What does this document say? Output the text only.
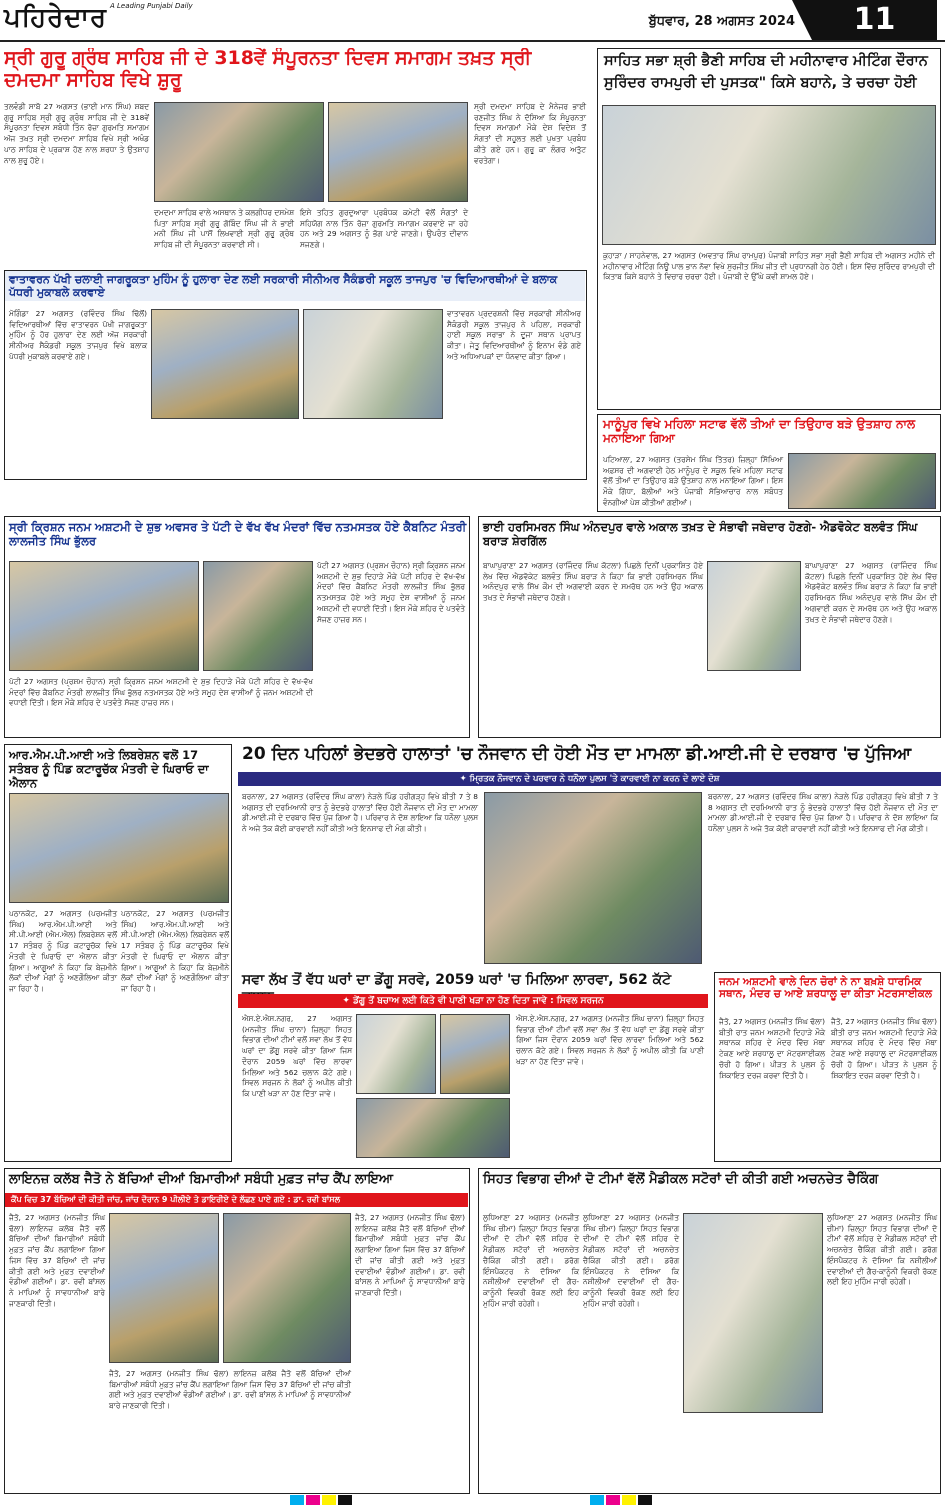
ਪਹਿਰੇਦਾਰ A Leading Punjabi Daily
ਬੁੱਧਵਾਰ, 28 ਅਗਸਤ 2024	11
ਸ੍ਰੀ ਗੁਰੂ ਗ੍ਰੰਥ ਸਾਹਿਬ ਜੀ ਦੇ 318ਵੇਂ ਸੰਪੂਰਨਤਾ ਦਿਵਸ ਸਮਾਗਮ ਤਖ਼ਤ ਸ੍ਰੀ ਦਮਦਮਾ ਸਾਹਿਬ ਵਿਖੇ ਸ਼ੁਰੂ
ਤਲਵੰਡੀ ਸਾਬੋ 27 ਅਗਸਤ (ਭਾਈ ਮਾਨ ਸਿੰਘ) ਸ਼ਬਦ ਗੁਰੂ ਸਾਹਿਬ ਸ੍ਰੀ ਗੁਰੂ ਗ੍ਰੰਥ ਸਾਹਿਬ ਜੀ ਦੇ 318ਵੇਂ ਸੰਪੂਰਨਤਾ ਦਿਵਸ ਸਬੰਧੀ ਤਿੰਨ ਰੋਜ਼ਾ ਗੁਰਮਤਿ ਸਮਾਗਮ ਅੱਜ ਤਖ਼ਤ ਸ੍ਰੀ ਦਮਦਮਾ ਸਾਹਿਬ ਵਿਖੇ ਸ੍ਰੀ ਅਖੰਡ ਪਾਠ ਸਾਹਿਬ ਦੇ ਪ੍ਰਕਾਸ਼ ਹੋਣ ਨਾਲ ਸ਼ਰਧਾ ਤੇ ਉਤਸ਼ਾਹ ਨਾਲ ਸ਼ੁਰੂ ਹੋਏ।
ਦਮਦਮਾ ਸਾਹਿਬ ਵਾਲੇ ਅਸਥਾਨ ਤੇ ਕਲਗੀਧਰ ਦਸਮੇਸ਼ ਪਿਤਾ ਸਾਹਿਬ ਸ੍ਰੀ ਗੁਰੂ ਗੋਬਿੰਦ ਸਿੰਘ ਜੀ ਨੇ ਭਾਈ ਮਨੀ ਸਿੰਘ ਜੀ ਪਾਸੋਂ ਲਿਖਵਾਈ ਸ੍ਰੀ ਗੁਰੂ ਗ੍ਰੰਥ ਸਾਹਿਬ ਜੀ ਦੀ ਸੰਪੂਰਨਤਾ ਕਰਵਾਈ ਸੀ।
ਇਸੇ ਤਹਿਤ ਗੁਰਦੁਆਰਾ ਪ੍ਰਬੰਧਕ ਕਮੇਟੀ ਵੱਲੋਂ ਸੰਗਤਾਂ ਦੇ ਸਹਿਯੋਗ ਨਾਲ ਤਿੰਨ ਰੋਜ਼ਾ ਗੁਰਮਤਿ ਸਮਾਗਮ ਕਰਵਾਏ ਜਾ ਰਹੇ ਹਨ ਅਤੇ 29 ਅਗਸਤ ਨੂੰ ਭੋਗ ਪਾਏ ਜਾਣਗੇ। ਉਪਰੰਤ ਦੀਵਾਨ ਸਜਣਗੇ।
ਸ੍ਰੀ ਦਮਦਮਾ ਸਾਹਿਬ ਦੇ ਮੈਨੇਜਰ ਭਾਈ ਰਣਜੀਤ ਸਿੰਘ ਨੇ ਦੱਸਿਆ ਕਿ ਸੰਪੂਰਨਤਾ ਦਿਵਸ ਸਮਾਗਮਾਂ ਮੌਕੇ ਦੇਸ਼ ਵਿਦੇਸ਼ ਤੋਂ ਸੰਗਤਾਂ ਦੀ ਸਹੂਲਤ ਲਈ ਪੁਖਤਾ ਪ੍ਰਬੰਧ ਕੀਤੇ ਗਏ ਹਨ। ਗੁਰੂ ਕਾ ਲੰਗਰ ਅਤੁੱਟ ਵਰਤੇਗਾ।
ਸਾਹਿਤ ਸਭਾ ਸ਼੍ਰੀ ਭੈਣੀ ਸਾਹਿਬ ਦੀ ਮਹੀਨਾਵਾਰ ਮੀਟਿੰਗ ਦੌਰਾਨ
ਸੁਰਿੰਦਰ ਰਾਮਪੁਰੀ ਦੀ ਪੁਸਤਕ" ਕਿਸੇ ਬਹਾਨੇ, ਤੇ ਚਰਚਾ ਹੋਈ
ਕੁਹਾੜਾ / ਸਾਹਨੇਵਾਲ, 27 ਅਗਸਤ (ਅਵਤਾਰ ਸਿੰਘ ਰਾਮਪੁਰ) ਪੰਜਾਬੀ ਸਾਹਿਤ ਸਭਾ ਸ੍ਰੀ ਭੈਣੀ ਸਾਹਿਬ ਦੀ ਅਗਸਤ ਮਹੀਨੇ ਦੀ ਮਹੀਨਾਵਾਰ ਮੀਟਿੰਗ ਨਿਊ ਪਾਲ ਭਾਨ ਨੋਵਾ ਵਿਖੇ ਸੁਰਜੀਤ ਸਿੰਘ ਜੀਤ ਦੀ ਪ੍ਰਧਾਨਗੀ ਹੇਠ ਹੋਈ। ਇਸ ਵਿੱਚ ਸੁਰਿੰਦਰ ਰਾਮਪੁਰੀ ਦੀ ਕਿਤਾਬ ਕਿਸੇ ਬਹਾਨੇ ਤੇ ਵਿਚਾਰ ਚਰਚਾ ਹੋਈ। ਪੰਜਾਬੀ ਦੇ ਉੱਘੇ ਕਵੀ ਸ਼ਾਮਲ ਹੋਏ।
ਵਾਤਾਵਰਨ ਪੱਖੀ ਚਲਾਈ ਜਾਗਰੂਕਤਾ ਮੁਹਿੰਮ ਨੂੰ ਹੁਲਾਰਾ ਦੇਣ ਲਈ ਸਰਕਾਰੀ ਸੀਨੀਅਰ ਸੈਕੰਡਰੀ ਸਕੂਲ ਤਾਜਪੁਰ 'ਚ ਵਿਦਿਆਰਥੀਆਂ ਦੇ ਬਲਾਕ ਪੱਧਰੀ ਮੁਕਾਬਲੇ ਕਰਵਾਏ
ਮੋਗਿੰਡਾ 27 ਅਗਸਤ (ਰਵਿੰਦਰ ਸਿੰਘ ਢਿੱਲੋਂ) ਵਿਦਿਆਰਥੀਆਂ ਵਿੱਚ ਵਾਤਾਵਰਨ ਪੱਖੀ ਜਾਗਰੂਕਤਾ ਮੁਹਿੰਮ ਨੂੰ ਹੋਰ ਹੁਲਾਰਾ ਦੇਣ ਲਈ ਅੱਜ ਸਰਕਾਰੀ ਸੀਨੀਅਰ ਸੈਕੰਡਰੀ ਸਕੂਲ ਤਾਜਪੁਰ ਵਿਖੇ ਬਲਾਕ ਪੱਧਰੀ ਮੁਕਾਬਲੇ ਕਰਵਾਏ ਗਏ।
ਵਾਤਾਵਰਨ ਪ੍ਰਦਰਸ਼ਨੀ ਵਿੱਚ ਸਰਕਾਰੀ ਸੀਨੀਅਰ ਸੈਕੰਡਰੀ ਸਕੂਲ ਤਾਜਪੁਰ ਨੇ ਪਹਿਲਾ, ਸਰਕਾਰੀ ਹਾਈ ਸਕੂਲ ਸਰਾਭਾ ਨੇ ਦੂਜਾ ਸਥਾਨ ਪ੍ਰਾਪਤ ਕੀਤਾ। ਜੇਤੂ ਵਿਦਿਆਰਥੀਆਂ ਨੂੰ ਇਨਾਮ ਵੰਡੇ ਗਏ ਅਤੇ ਅਧਿਆਪਕਾਂ ਦਾ ਧੰਨਵਾਦ ਕੀਤਾ ਗਿਆ।
ਮਾਨੂੰਪੁਰ ਵਿਖੇ ਮਹਿਲਾ ਸਟਾਫ ਵੱਲੋਂ ਤੀਆਂ ਦਾ ਤਿਉਹਾਰ ਬੜੇ ਉਤਸ਼ਾਹ ਨਾਲ ਮਨਾਇਆ ਗਿਆ
ਪਟਿਆਲਾ, 27 ਅਗਸਤ (ਤਰਸੇਮ ਸਿੰਘ ਤਿੱਤਰ) ਜ਼ਿਲ੍ਹਾ ਸਿੱਖਿਆ ਅਫ਼ਸਰ ਦੀ ਅਗਵਾਈ ਹੇਠ ਮਾਨੂੰਪੁਰ ਦੇ ਸਕੂਲ ਵਿਖੇ ਮਹਿਲਾ ਸਟਾਫ ਵੱਲੋਂ ਤੀਆਂ ਦਾ ਤਿਉਹਾਰ ਬੜੇ ਉਤਸ਼ਾਹ ਨਾਲ ਮਨਾਇਆ ਗਿਆ। ਇਸ ਮੌਕੇ ਗਿੱਧਾ, ਬੋਲੀਆਂ ਅਤੇ ਪੰਜਾਬੀ ਸੱਭਿਆਚਾਰ ਨਾਲ ਸਬੰਧਤ ਵੰਨਗੀਆਂ ਪੇਸ਼ ਕੀਤੀਆਂ ਗਈਆਂ।
ਸ੍ਰੀ ਕ੍ਰਿਸ਼ਨ ਜਨਮ ਅਸ਼ਟਮੀ ਦੇ ਸ਼ੁਭ ਅਵਸਰ ਤੇ ਪੱਟੀ ਦੇ ਵੱਖ ਵੱਖ ਮੰਦਰਾਂ ਵਿੱਚ ਨਤਮਸਤਕ ਹੋਏ ਕੈਬਨਿਟ ਮੰਤਰੀ ਲਾਲਜੀਤ ਸਿੰਘ ਭੁੱਲਰ
ਪੱਟੀ 27 ਅਗਸਤ (ਪ੍ਰਸ਼ਮ ਚੌਹਾਨ) ਸ੍ਰੀ ਕ੍ਰਿਸ਼ਨ ਜਨਮ ਅਸ਼ਟਮੀ ਦੇ ਸ਼ੁਭ ਦਿਹਾੜੇ ਮੌਕੇ ਪੱਟੀ ਸ਼ਹਿਰ ਦੇ ਵੱਖ-ਵੱਖ ਮੰਦਰਾਂ ਵਿੱਚ ਕੈਬਨਿਟ ਮੰਤਰੀ ਲਾਲਜੀਤ ਸਿੰਘ ਭੁੱਲਰ ਨਤਮਸਤਕ ਹੋਏ ਅਤੇ ਸਮੂਹ ਦੇਸ਼ ਵਾਸੀਆਂ ਨੂੰ ਜਨਮ ਅਸ਼ਟਮੀ ਦੀ ਵਧਾਈ ਦਿੱਤੀ। ਇਸ ਮੌਕੇ ਸ਼ਹਿਰ ਦੇ ਪਤਵੰਤੇ ਸੱਜਣ ਹਾਜ਼ਰ ਸਨ।
ਪੱਟੀ 27 ਅਗਸਤ (ਪ੍ਰਸ਼ਮ ਚੌਹਾਨ) ਸ੍ਰੀ ਕ੍ਰਿਸ਼ਨ ਜਨਮ ਅਸ਼ਟਮੀ ਦੇ ਸ਼ੁਭ ਦਿਹਾੜੇ ਮੌਕੇ ਪੱਟੀ ਸ਼ਹਿਰ ਦੇ ਵੱਖ-ਵੱਖ ਮੰਦਰਾਂ ਵਿੱਚ ਕੈਬਨਿਟ ਮੰਤਰੀ ਲਾਲਜੀਤ ਸਿੰਘ ਭੁੱਲਰ ਨਤਮਸਤਕ ਹੋਏ ਅਤੇ ਸਮੂਹ ਦੇਸ਼ ਵਾਸੀਆਂ ਨੂੰ ਜਨਮ ਅਸ਼ਟਮੀ ਦੀ ਵਧਾਈ ਦਿੱਤੀ। ਇਸ ਮੌਕੇ ਸ਼ਹਿਰ ਦੇ ਪਤਵੰਤੇ ਸੱਜਣ ਹਾਜ਼ਰ ਸਨ।
ਭਾਈ ਹਰਸਿਮਰਨ ਸਿੰਘ ਅੰਨਦਪੁਰ ਵਾਲੇ ਅਕਾਲ ਤਖ਼ਤ ਦੇ ਸੰਭਾਵੀ ਜਥੇਦਾਰ ਹੋਣਗੇ- ਐਡਵੋਕੇਟ ਬਲਵੰਤ ਸਿੰਘ ਬਰਾੜ ਸ਼ੇਰਗਿੱਲ
ਬਾਘਾਪੁਰਾਣਾ 27 ਅਗਸਤ (ਰਾਜਿੰਦਰ ਸਿੰਘ ਕੋਟਲਾ) ਪਿਛਲੇ ਦਿਨੀਂ ਪ੍ਰਕਾਸ਼ਿਤ ਹੋਏ ਲੇਖ ਵਿੱਚ ਐਡਵੋਕੇਟ ਬਲਵੰਤ ਸਿੰਘ ਬਰਾੜ ਨੇ ਕਿਹਾ ਕਿ ਭਾਈ ਹਰਸਿਮਰਨ ਸਿੰਘ ਅਨੰਦਪੁਰ ਵਾਲੇ ਸਿੱਖ ਕੌਮ ਦੀ ਅਗਵਾਈ ਕਰਨ ਦੇ ਸਮਰੱਥ ਹਨ ਅਤੇ ਉਹ ਅਕਾਲ ਤਖ਼ਤ ਦੇ ਸੰਭਾਵੀ ਜਥੇਦਾਰ ਹੋਣਗੇ।
ਬਾਘਾਪੁਰਾਣਾ 27 ਅਗਸਤ (ਰਾਜਿੰਦਰ ਸਿੰਘ ਕੋਟਲਾ) ਪਿਛਲੇ ਦਿਨੀਂ ਪ੍ਰਕਾਸ਼ਿਤ ਹੋਏ ਲੇਖ ਵਿੱਚ ਐਡਵੋਕੇਟ ਬਲਵੰਤ ਸਿੰਘ ਬਰਾੜ ਨੇ ਕਿਹਾ ਕਿ ਭਾਈ ਹਰਸਿਮਰਨ ਸਿੰਘ ਅਨੰਦਪੁਰ ਵਾਲੇ ਸਿੱਖ ਕੌਮ ਦੀ ਅਗਵਾਈ ਕਰਨ ਦੇ ਸਮਰੱਥ ਹਨ ਅਤੇ ਉਹ ਅਕਾਲ ਤਖ਼ਤ ਦੇ ਸੰਭਾਵੀ ਜਥੇਦਾਰ ਹੋਣਗੇ।
ਆਰ.ਐਮ.ਪੀ.ਆਈ ਅਤੇ ਲਿਬਰੇਸ਼ਨ ਵਲੋਂ 17 ਸਤੰਬਰ ਨੂੰ ਪਿੰਡ ਕਟਾਰੂਚੱਕ ਮੰਤਰੀ ਦੇ ਘਿਰਾਓ ਦਾ ਐਲਾਨ
ਪਠਾਨਕੋਟ, 27 ਅਗਸਤ (ਪਰਮਜੀਤ ਸਿੰਘ) ਆਰ.ਐਮ.ਪੀ.ਆਈ ਅਤੇ ਸੀ.ਪੀ.ਆਈ (ਐਮ.ਐਲ) ਲਿਬਰੇਸ਼ਨ ਵਲੋਂ 17 ਸਤੰਬਰ ਨੂੰ ਪਿੰਡ ਕਟਾਰੂਚੱਕ ਵਿਖੇ ਮੰਤਰੀ ਦੇ ਘਿਰਾਓ ਦਾ ਐਲਾਨ ਕੀਤਾ ਗਿਆ। ਆਗੂਆਂ ਨੇ ਕਿਹਾ ਕਿ ਬੇਜ਼ਮੀਨੇ ਲੋਕਾਂ ਦੀਆਂ ਮੰਗਾਂ ਨੂੰ ਅਣਗੌਲਿਆ ਕੀਤਾ ਜਾ ਰਿਹਾ ਹੈ।
ਪਠਾਨਕੋਟ, 27 ਅਗਸਤ (ਪਰਮਜੀਤ ਸਿੰਘ) ਆਰ.ਐਮ.ਪੀ.ਆਈ ਅਤੇ ਸੀ.ਪੀ.ਆਈ (ਐਮ.ਐਲ) ਲਿਬਰੇਸ਼ਨ ਵਲੋਂ 17 ਸਤੰਬਰ ਨੂੰ ਪਿੰਡ ਕਟਾਰੂਚੱਕ ਵਿਖੇ ਮੰਤਰੀ ਦੇ ਘਿਰਾਓ ਦਾ ਐਲਾਨ ਕੀਤਾ ਗਿਆ। ਆਗੂਆਂ ਨੇ ਕਿਹਾ ਕਿ ਬੇਜ਼ਮੀਨੇ ਲੋਕਾਂ ਦੀਆਂ ਮੰਗਾਂ ਨੂੰ ਅਣਗੌਲਿਆ ਕੀਤਾ ਜਾ ਰਿਹਾ ਹੈ।
20 ਦਿਨ ਪਹਿਲਾਂ ਭੇਦਭਰੇ ਹਾਲਾਤਾਂ 'ਚ ਨੌਜਵਾਨ ਦੀ ਹੋਈ ਮੌਤ ਦਾ ਮਾਮਲਾ ਡੀ.ਆਈ.ਜੀ ਦੇ ਦਰਬਾਰ 'ਚ ਪੁੱਜਿਆ
✦ ਮ੍ਰਿਤਕ ਨੌਜਵਾਨ ਦੇ ਪਰਵਾਰ ਨੇ ਧਨੌਲਾ ਪੁਲਸ 'ਤੇ ਕਾਰਵਾਈ ਨਾ ਕਰਨ ਦੇ ਲਾਏ ਦੋਸ਼
ਬਰਨਾਲਾ, 27 ਅਗਸਤ (ਰਵਿੰਦਰ ਸਿੰਘ ਕਾਲਾ) ਨੇੜਲੇ ਪਿੰਡ ਹਰੀਗੜ੍ਹ ਵਿਖੇ ਬੀਤੀ 7 ਤੇ 8 ਅਗਸਤ ਦੀ ਦਰਮਿਆਨੀ ਰਾਤ ਨੂੰ ਭੇਦਭਰੇ ਹਾਲਾਤਾਂ ਵਿੱਚ ਹੋਈ ਨੌਜਵਾਨ ਦੀ ਮੌਤ ਦਾ ਮਾਮਲਾ ਡੀ.ਆਈ.ਜੀ ਦੇ ਦਰਬਾਰ ਵਿੱਚ ਪੁੱਜ ਗਿਆ ਹੈ। ਪਰਿਵਾਰ ਨੇ ਦੋਸ਼ ਲਾਇਆ ਕਿ ਧਨੌਲਾ ਪੁਲਸ ਨੇ ਅਜੇ ਤੱਕ ਕੋਈ ਕਾਰਵਾਈ ਨਹੀਂ ਕੀਤੀ ਅਤੇ ਇਨਸਾਫ ਦੀ ਮੰਗ ਕੀਤੀ।
ਬਰਨਾਲਾ, 27 ਅਗਸਤ (ਰਵਿੰਦਰ ਸਿੰਘ ਕਾਲਾ) ਨੇੜਲੇ ਪਿੰਡ ਹਰੀਗੜ੍ਹ ਵਿਖੇ ਬੀਤੀ 7 ਤੇ 8 ਅਗਸਤ ਦੀ ਦਰਮਿਆਨੀ ਰਾਤ ਨੂੰ ਭੇਦਭਰੇ ਹਾਲਾਤਾਂ ਵਿੱਚ ਹੋਈ ਨੌਜਵਾਨ ਦੀ ਮੌਤ ਦਾ ਮਾਮਲਾ ਡੀ.ਆਈ.ਜੀ ਦੇ ਦਰਬਾਰ ਵਿੱਚ ਪੁੱਜ ਗਿਆ ਹੈ। ਪਰਿਵਾਰ ਨੇ ਦੋਸ਼ ਲਾਇਆ ਕਿ ਧਨੌਲਾ ਪੁਲਸ ਨੇ ਅਜੇ ਤੱਕ ਕੋਈ ਕਾਰਵਾਈ ਨਹੀਂ ਕੀਤੀ ਅਤੇ ਇਨਸਾਫ ਦੀ ਮੰਗ ਕੀਤੀ।
ਸਵਾ ਲੱਖ ਤੋਂ ਵੱਧ ਘਰਾਂ ਦਾ ਡੇਂਗੂ ਸਰਵੇ, 2059 ਘਰਾਂ 'ਚ ਮਿਲਿਆ ਲਾਰਵਾ, 562 ਕੱਟੇ
✦ ਡੇਂਗੂ ਤੋਂ ਬਚਾਅ ਲਈ ਕਿਤੇ ਵੀ ਪਾਣੀ ਖੜਾ ਨਾ ਹੋਣ ਦਿਤਾ ਜਾਵੇ : ਸਿਵਲ ਸਰਜਨ
ਐਸ.ਏ.ਐਸ.ਨਗਰ, 27 ਅਗਸਤ (ਮਨਜੀਤ ਸਿੰਘ ਚਾਨਾ) ਜ਼ਿਲ੍ਹਾ ਸਿਹਤ ਵਿਭਾਗ ਦੀਆਂ ਟੀਮਾਂ ਵਲੋਂ ਸਵਾ ਲੱਖ ਤੋਂ ਵੱਧ ਘਰਾਂ ਦਾ ਡੇਂਗੂ ਸਰਵੇ ਕੀਤਾ ਗਿਆ ਜਿਸ ਦੌਰਾਨ 2059 ਘਰਾਂ ਵਿੱਚ ਲਾਰਵਾ ਮਿਲਿਆ ਅਤੇ 562 ਚਲਾਨ ਕੱਟੇ ਗਏ। ਸਿਵਲ ਸਰਜਨ ਨੇ ਲੋਕਾਂ ਨੂੰ ਅਪੀਲ ਕੀਤੀ ਕਿ ਪਾਣੀ ਖੜਾ ਨਾ ਹੋਣ ਦਿੱਤਾ ਜਾਵੇ।
ਐਸ.ਏ.ਐਸ.ਨਗਰ, 27 ਅਗਸਤ (ਮਨਜੀਤ ਸਿੰਘ ਚਾਨਾ) ਜ਼ਿਲ੍ਹਾ ਸਿਹਤ ਵਿਭਾਗ ਦੀਆਂ ਟੀਮਾਂ ਵਲੋਂ ਸਵਾ ਲੱਖ ਤੋਂ ਵੱਧ ਘਰਾਂ ਦਾ ਡੇਂਗੂ ਸਰਵੇ ਕੀਤਾ ਗਿਆ ਜਿਸ ਦੌਰਾਨ 2059 ਘਰਾਂ ਵਿੱਚ ਲਾਰਵਾ ਮਿਲਿਆ ਅਤੇ 562 ਚਲਾਨ ਕੱਟੇ ਗਏ। ਸਿਵਲ ਸਰਜਨ ਨੇ ਲੋਕਾਂ ਨੂੰ ਅਪੀਲ ਕੀਤੀ ਕਿ ਪਾਣੀ ਖੜਾ ਨਾ ਹੋਣ ਦਿੱਤਾ ਜਾਵੇ।
ਜਨਮ ਅਸ਼ਟਮੀ ਵਾਲੇ ਦਿਨ ਚੋਰਾਂ ਨੇ ਨਾ ਬਖ਼ਸ਼ੇ ਧਾਰਮਿਕ ਸਥਾਨ, ਮੰਦਰ ਚ ਆਏ ਸ਼ਰਧਾਲੂ ਦਾ ਕੀਤਾ ਮੋਟਰਸਾਈਕਲ
ਜੈਤੋ, 27 ਅਗਸਤ (ਮਨਜੀਤ ਸਿੰਘ ਢੱਲਾ) ਬੀਤੀ ਰਾਤ ਜਨਮ ਅਸ਼ਟਮੀ ਦਿਹਾੜੇ ਮੌਕੇ ਸਥਾਨਕ ਸ਼ਹਿਰ ਦੇ ਮੰਦਰ ਵਿੱਚ ਮੱਥਾ ਟੇਕਣ ਆਏ ਸ਼ਰਧਾਲੂ ਦਾ ਮੋਟਰਸਾਈਕਲ ਚੋਰੀ ਹੋ ਗਿਆ। ਪੀੜਤ ਨੇ ਪੁਲਸ ਨੂੰ ਸ਼ਿਕਾਇਤ ਦਰਜ ਕਰਵਾ ਦਿੱਤੀ ਹੈ।
ਜੈਤੋ, 27 ਅਗਸਤ (ਮਨਜੀਤ ਸਿੰਘ ਢੱਲਾ) ਬੀਤੀ ਰਾਤ ਜਨਮ ਅਸ਼ਟਮੀ ਦਿਹਾੜੇ ਮੌਕੇ ਸਥਾਨਕ ਸ਼ਹਿਰ ਦੇ ਮੰਦਰ ਵਿੱਚ ਮੱਥਾ ਟੇਕਣ ਆਏ ਸ਼ਰਧਾਲੂ ਦਾ ਮੋਟਰਸਾਈਕਲ ਚੋਰੀ ਹੋ ਗਿਆ। ਪੀੜਤ ਨੇ ਪੁਲਸ ਨੂੰ ਸ਼ਿਕਾਇਤ ਦਰਜ ਕਰਵਾ ਦਿੱਤੀ ਹੈ।
ਲਾਇਨਜ਼ ਕਲੱਬ ਜੈਤੋ ਨੇ ਬੱਚਿਆਂ ਦੀਆਂ ਬਿਮਾਰੀਆਂ ਸਬੰਧੀ ਮੁਫ਼ਤ ਜਾਂਚ ਕੈਂਪ ਲਾਇਆ
ਕੈਂਪ ਵਿਚ 37 ਬੱਚਿਆਂ ਦੀ ਕੀਤੀ ਜਾਂਚ, ਜਾਂਚ ਦੌਰਾਨ 9 ਪੀਲੀਏ ਤੇ ਡਾਇਰੀਏ ਦੇ ਲੱਛਣ ਪਾਏ ਗਏ : ਡਾ. ਰਵੀ ਬਾਂਸਲ
ਜੈਤੋ, 27 ਅਗਸਤ (ਮਨਜੀਤ ਸਿੰਘ ਢੱਲਾ) ਲਾਇਨਜ਼ ਕਲੱਬ ਜੈਤੋ ਵਲੋਂ ਬੱਚਿਆਂ ਦੀਆਂ ਬਿਮਾਰੀਆਂ ਸਬੰਧੀ ਮੁਫ਼ਤ ਜਾਂਚ ਕੈਂਪ ਲਗਾਇਆ ਗਿਆ ਜਿਸ ਵਿੱਚ 37 ਬੱਚਿਆਂ ਦੀ ਜਾਂਚ ਕੀਤੀ ਗਈ ਅਤੇ ਮੁਫ਼ਤ ਦਵਾਈਆਂ ਵੰਡੀਆਂ ਗਈਆਂ। ਡਾ. ਰਵੀ ਬਾਂਸਲ ਨੇ ਮਾਪਿਆਂ ਨੂੰ ਸਾਵਧਾਨੀਆਂ ਬਾਰੇ ਜਾਣਕਾਰੀ ਦਿੱਤੀ।
ਜੈਤੋ, 27 ਅਗਸਤ (ਮਨਜੀਤ ਸਿੰਘ ਢੱਲਾ) ਲਾਇਨਜ਼ ਕਲੱਬ ਜੈਤੋ ਵਲੋਂ ਬੱਚਿਆਂ ਦੀਆਂ ਬਿਮਾਰੀਆਂ ਸਬੰਧੀ ਮੁਫ਼ਤ ਜਾਂਚ ਕੈਂਪ ਲਗਾਇਆ ਗਿਆ ਜਿਸ ਵਿੱਚ 37 ਬੱਚਿਆਂ ਦੀ ਜਾਂਚ ਕੀਤੀ ਗਈ ਅਤੇ ਮੁਫ਼ਤ ਦਵਾਈਆਂ ਵੰਡੀਆਂ ਗਈਆਂ। ਡਾ. ਰਵੀ ਬਾਂਸਲ ਨੇ ਮਾਪਿਆਂ ਨੂੰ ਸਾਵਧਾਨੀਆਂ ਬਾਰੇ ਜਾਣਕਾਰੀ ਦਿੱਤੀ।
ਜੈਤੋ, 27 ਅਗਸਤ (ਮਨਜੀਤ ਸਿੰਘ ਢੱਲਾ) ਲਾਇਨਜ਼ ਕਲੱਬ ਜੈਤੋ ਵਲੋਂ ਬੱਚਿਆਂ ਦੀਆਂ ਬਿਮਾਰੀਆਂ ਸਬੰਧੀ ਮੁਫ਼ਤ ਜਾਂਚ ਕੈਂਪ ਲਗਾਇਆ ਗਿਆ ਜਿਸ ਵਿੱਚ 37 ਬੱਚਿਆਂ ਦੀ ਜਾਂਚ ਕੀਤੀ ਗਈ ਅਤੇ ਮੁਫ਼ਤ ਦਵਾਈਆਂ ਵੰਡੀਆਂ ਗਈਆਂ। ਡਾ. ਰਵੀ ਬਾਂਸਲ ਨੇ ਮਾਪਿਆਂ ਨੂੰ ਸਾਵਧਾਨੀਆਂ ਬਾਰੇ ਜਾਣਕਾਰੀ ਦਿੱਤੀ।
ਸਿਹਤ ਵਿਭਾਗ ਦੀਆਂ ਦੋ ਟੀਮਾਂ ਵੱਲੋਂ ਮੈਡੀਕਲ ਸਟੋਰਾਂ ਦੀ ਕੀਤੀ ਗਈ ਅਚਨਚੇਤ ਚੈਕਿੰਗ
ਲੁਧਿਆਣਾ 27 ਅਗਸਤ (ਮਨਜੀਤ ਸਿੰਘ ਚੀਮਾ) ਜ਼ਿਲ੍ਹਾ ਸਿਹਤ ਵਿਭਾਗ ਦੀਆਂ ਦੋ ਟੀਮਾਂ ਵੱਲੋਂ ਸ਼ਹਿਰ ਦੇ ਮੈਡੀਕਲ ਸਟੋਰਾਂ ਦੀ ਅਚਨਚੇਤ ਚੈਕਿੰਗ ਕੀਤੀ ਗਈ। ਡਰੱਗ ਇੰਸਪੈਕਟਰ ਨੇ ਦੱਸਿਆ ਕਿ ਨਸ਼ੀਲੀਆਂ ਦਵਾਈਆਂ ਦੀ ਗੈਰ-ਕਾਨੂੰਨੀ ਵਿਕਰੀ ਰੋਕਣ ਲਈ ਇਹ ਮੁਹਿੰਮ ਜਾਰੀ ਰਹੇਗੀ।
ਲੁਧਿਆਣਾ 27 ਅਗਸਤ (ਮਨਜੀਤ ਸਿੰਘ ਚੀਮਾ) ਜ਼ਿਲ੍ਹਾ ਸਿਹਤ ਵਿਭਾਗ ਦੀਆਂ ਦੋ ਟੀਮਾਂ ਵੱਲੋਂ ਸ਼ਹਿਰ ਦੇ ਮੈਡੀਕਲ ਸਟੋਰਾਂ ਦੀ ਅਚਨਚੇਤ ਚੈਕਿੰਗ ਕੀਤੀ ਗਈ। ਡਰੱਗ ਇੰਸਪੈਕਟਰ ਨੇ ਦੱਸਿਆ ਕਿ ਨਸ਼ੀਲੀਆਂ ਦਵਾਈਆਂ ਦੀ ਗੈਰ-ਕਾਨੂੰਨੀ ਵਿਕਰੀ ਰੋਕਣ ਲਈ ਇਹ ਮੁਹਿੰਮ ਜਾਰੀ ਰਹੇਗੀ।
ਲੁਧਿਆਣਾ 27 ਅਗਸਤ (ਮਨਜੀਤ ਸਿੰਘ ਚੀਮਾ) ਜ਼ਿਲ੍ਹਾ ਸਿਹਤ ਵਿਭਾਗ ਦੀਆਂ ਦੋ ਟੀਮਾਂ ਵੱਲੋਂ ਸ਼ਹਿਰ ਦੇ ਮੈਡੀਕਲ ਸਟੋਰਾਂ ਦੀ ਅਚਨਚੇਤ ਚੈਕਿੰਗ ਕੀਤੀ ਗਈ। ਡਰੱਗ ਇੰਸਪੈਕਟਰ ਨੇ ਦੱਸਿਆ ਕਿ ਨਸ਼ੀਲੀਆਂ ਦਵਾਈਆਂ ਦੀ ਗੈਰ-ਕਾਨੂੰਨੀ ਵਿਕਰੀ ਰੋਕਣ ਲਈ ਇਹ ਮੁਹਿੰਮ ਜਾਰੀ ਰਹੇਗੀ।
